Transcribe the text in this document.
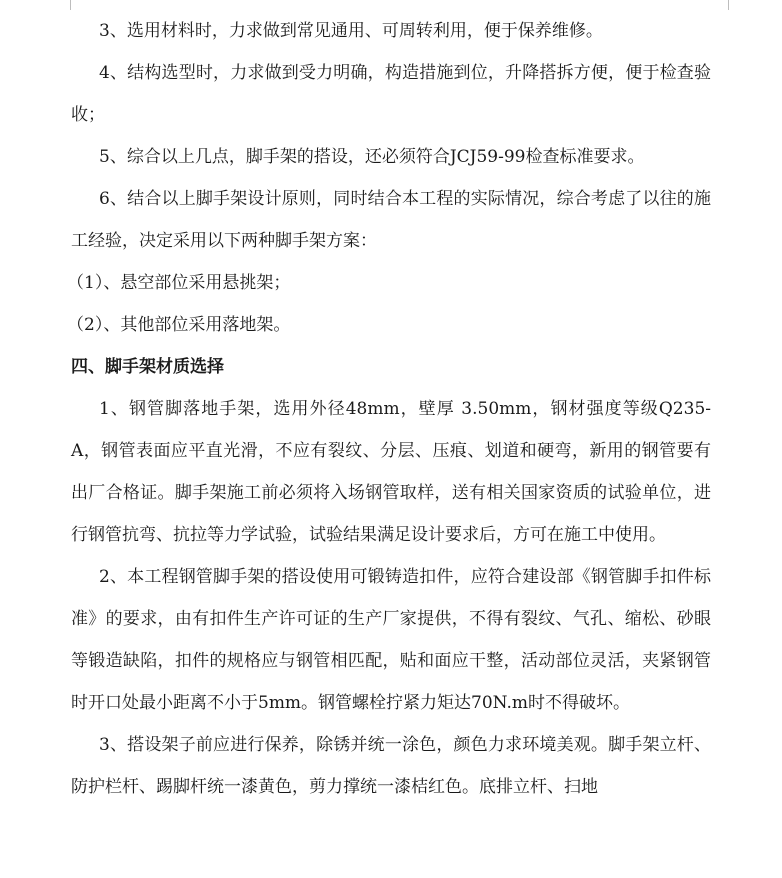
3、选用材料时，力求做到常见通用、可周转利用，便于保养维修。

4、结构选型时，力求做到受力明确，构造措施到位，升降搭拆方便，便于检查验收；

5、综合以上几点，脚手架的搭设，还必须符合JCJ59-99检查标准要求。

6、结合以上脚手架设计原则，同时结合本工程的实际情况，综合考虑了以往的施工经验，决定采用以下两种脚手架方案：

（1）、悬空部位采用悬挑架；

（2）、其他部位采用落地架。

四、脚手架材质选择

1、钢管脚落地手架，选用外径48mm，壁厚 3.50mm，钢材强度等级Q235-A，钢管表面应平直光滑，不应有裂纹、分层、压痕、划道和硬弯，新用的钢管要有出厂合格证。脚手架施工前必须将入场钢管取样，送有相关国家资质的试验单位，进行钢管抗弯、抗拉等力学试验，试验结果满足设计要求后，方可在施工中使用。

2、本工程钢管脚手架的搭设使用可锻铸造扣件，应符合建设部《钢管脚手扣件标准》的要求，由有扣件生产许可证的生产厂家提供，不得有裂纹、气孔、缩松、砂眼等锻造缺陷，扣件的规格应与钢管相匹配，贴和面应干整，活动部位灵活，夹紧钢管时开口处最小距离不小于5mm。钢管螺栓拧紧力矩达70N.m时不得破坏。

3、搭设架子前应进行保养，除锈并统一涂色，颜色力求环境美观。脚手架立杆、防护栏杆、踢脚杆统一漆黄色，剪力撑统一漆桔红色。底排立杆、扫地
